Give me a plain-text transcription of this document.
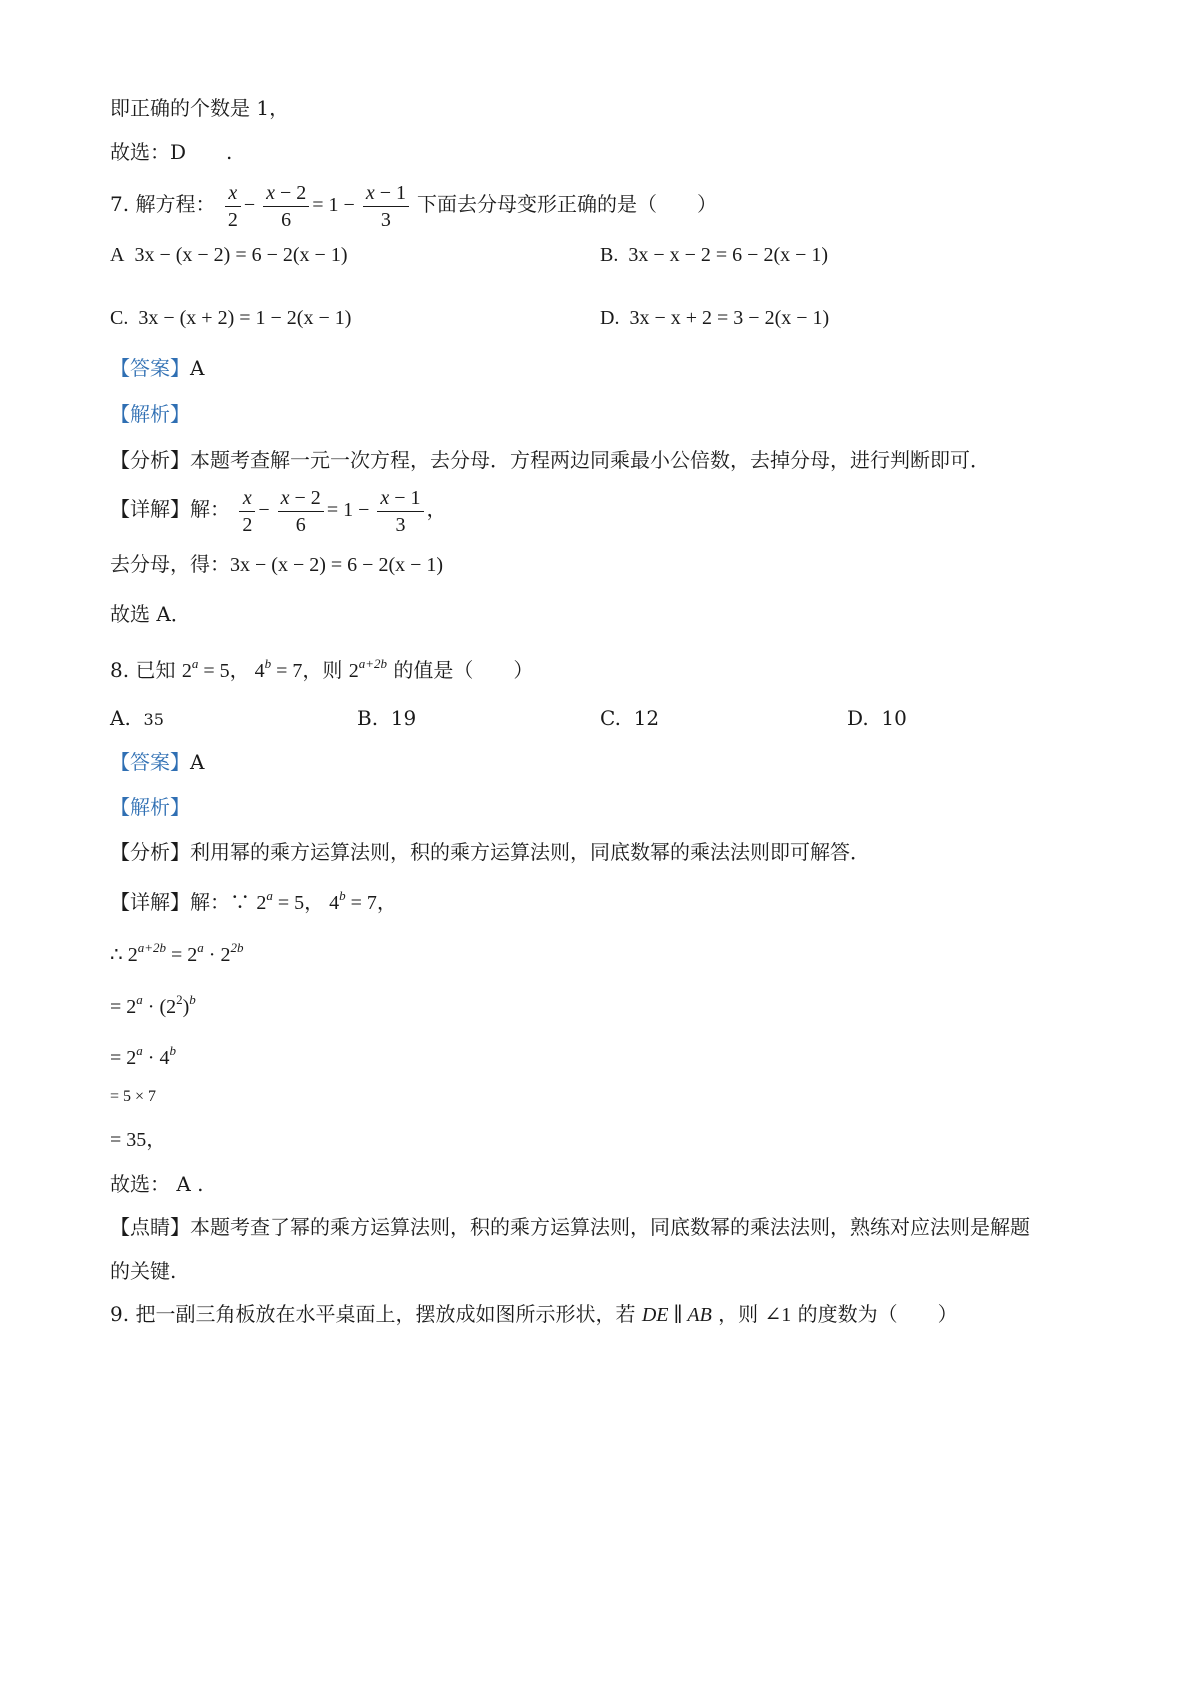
即正确的个数是 1，
故选：D　　.
7. 解方程： $\frac{x}{2} - \frac{x - 2}{6} = 1 - \frac{x - 1}{3}$ 下面去分母变形正确的是（　　）
A 3x − (x − 2) = 6 − 2(x − 1)	B. 3x − x − 2 = 6 − 2(x − 1)
C. 3x − (x + 2) = 1 − 2(x − 1)	D. 3x − x + 2 = 3 − 2(x − 1)
【答案】A
【解析】
【分析】本题考查解一元一次方程，去分母．方程两边同乘最小公倍数，去掉分母，进行判断即可．
【详解】解： $\frac{x}{2} - \frac{x - 2}{6} = 1 - \frac{x - 1}{3}$ ，
去分母，得：3x − (x − 2) = 6 − 2(x − 1)
故选 A．
8. 已知 $2^a = 5$， $4^b = 7$，则 $2^{a+2b}$ 的值是（　　）
A. 35	B. 19	C. 12	D. 10
【答案】A
【解析】
【分析】利用幂的乘方运算法则，积的乘方运算法则，同底数幂的乘法法则即可解答．
【详解】解：∵ $2^a = 5$， $4^b = 7$，
∴ $2^{a+2b} = 2^a \cdot 2^{2b}$
= $2^a \cdot (2^2)^b$
= $2^a \cdot 4^b$
= 5 × 7
= 35，
故选： A .
【点睛】本题考查了幂的乘方运算法则，积的乘方运算法则，同底数幂的乘法法则，熟练对应法则是解题
的关键.
9. 把一副三角板放在水平桌面上，摆放成如图所示形状，若 DE ∥ AB ，则 ∠1 的度数为（　　）
